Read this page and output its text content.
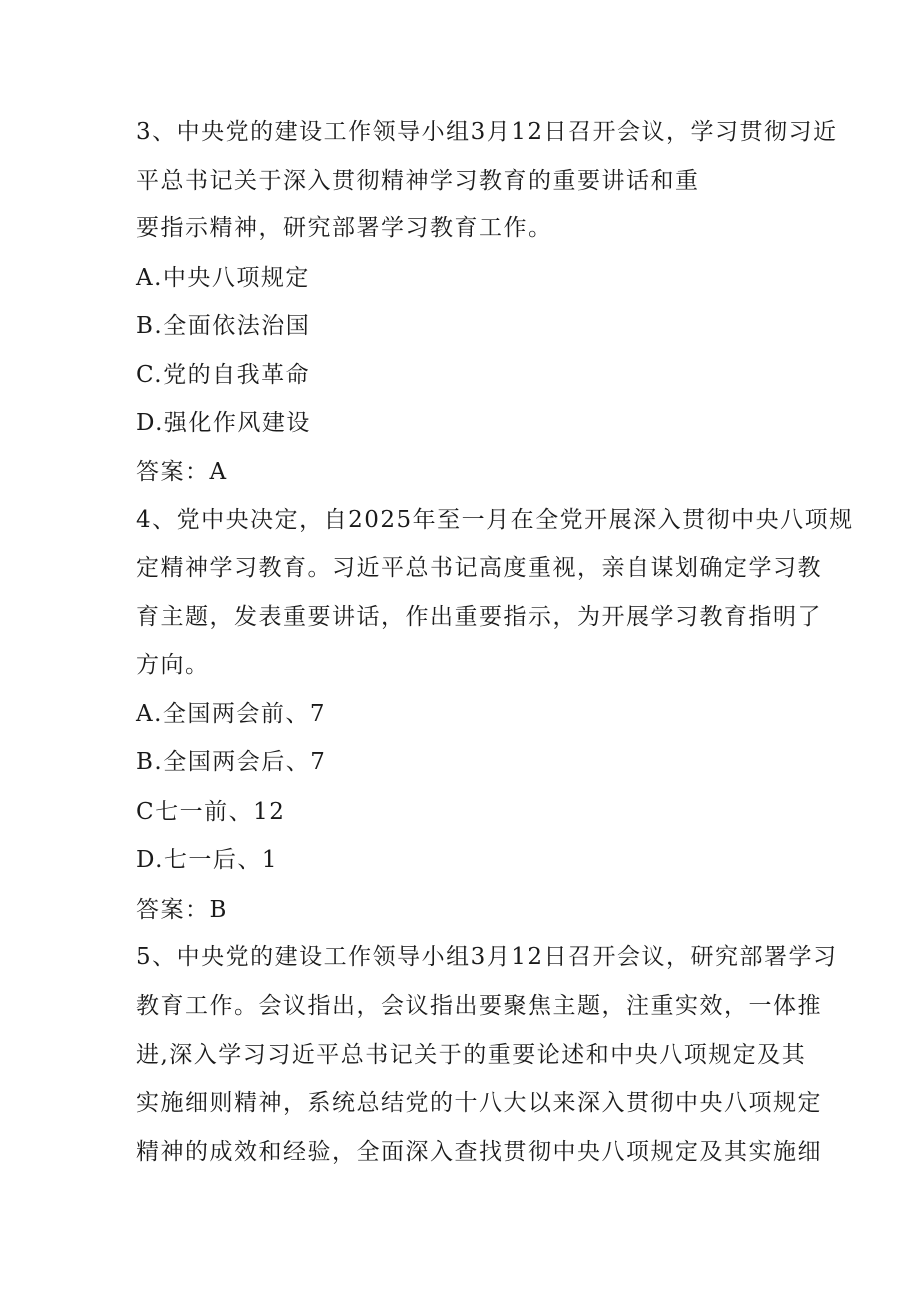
3、中央党的建设工作领导小组3月12日召开会议，学习贯彻习近
平总书记关于深入贯彻精神学习教育的重要讲话和重
要指示精神，研究部署学习教育工作。
A.中央八项规定
B.全面依法治国
C.党的自我革命
D.强化作风建设
答案：A
4、党中央决定，自2025年至一月在全党开展深入贯彻中央八项规
定精神学习教育。习近平总书记高度重视，亲自谋划确定学习教
育主题，发表重要讲话，作出重要指示，为开展学习教育指明了
方向。
A.全国两会前、7
B.全国两会后、7
C七一前、12
D.七一后、1
答案：B
5、中央党的建设工作领导小组3月12日召开会议，研究部署学习
教育工作。会议指出，会议指出要聚焦主题，注重实效，一体推
进,深入学习习近平总书记关于的重要论述和中央八项规定及其
实施细则精神，系统总结党的十八大以来深入贯彻中央八项规定
精神的成效和经验，全面深入查找贯彻中央八项规定及其实施细
